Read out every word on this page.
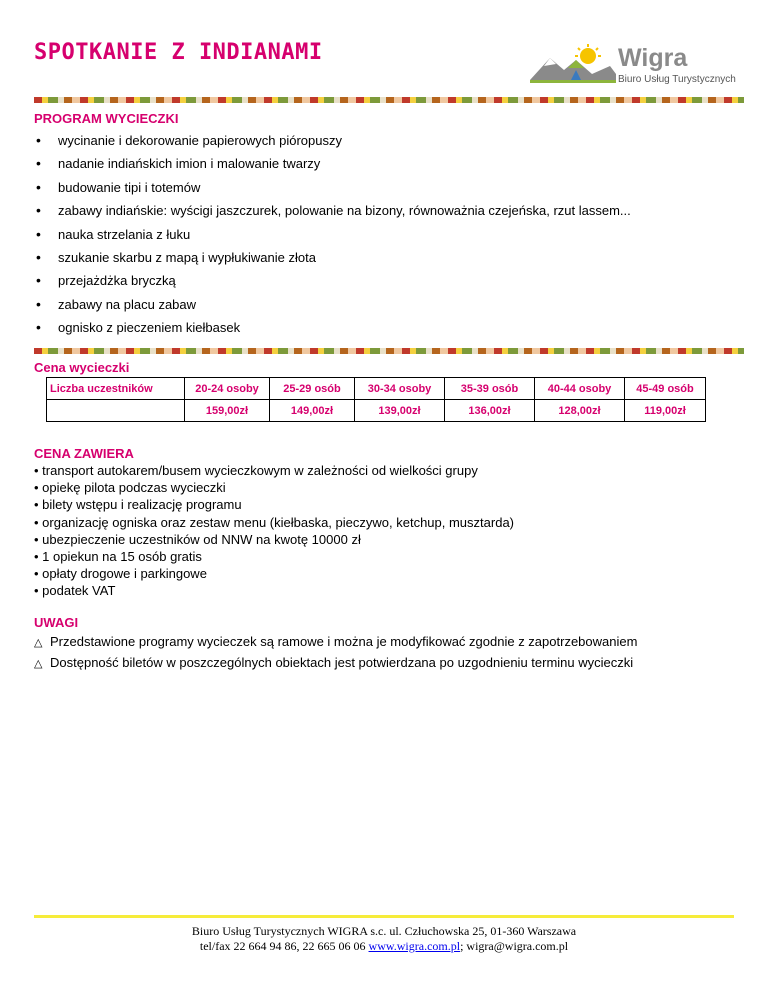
SPOTKANIE Z INDIANAMI	Wigra
Biuro Usług Turystycznych
PROGRAM WYCIECZKI
• wycinanie i dekorowanie papierowych pióropuszy
• nadanie indiańskich imion i malowanie twarzy
• budowanie tipi i totemów
• zabawy indiańskie: wyścigi jaszczurek, polowanie na bizony, równoważnia czejeńska, rzut lassem...
• nauka strzelania z łuku
• szukanie skarbu z mapą i wypłukiwanie złota
• przejażdżka bryczką
• zabawy na placu zabaw
• ognisko z pieczeniem kiełbasek
Cena wycieczki
Liczba uczestników	20-24 osoby	25-29 osób	30-34 osoby	35-39 osób	40-44 osoby	45-49 osób
	159,00zł	149,00zł	139,00zł	136,00zł	128,00zł	119,00zł
CENA ZAWIERA
• transport autokarem/busem wycieczkowym w zależności od wielkości grupy
• opiekę pilota podczas wycieczki
• bilety wstępu i realizację programu
• organizację ogniska oraz zestaw menu (kiełbaska, pieczywo, ketchup, musztarda)
• ubezpieczenie uczestników od NNW na kwotę 10000 zł
• 1 opiekun na 15 osób gratis
• opłaty drogowe i parkingowe
• podatek VAT
UWAGI
△ Przedstawione programy wycieczek są ramowe i można je modyfikować zgodnie z zapotrzebowaniem
△ Dostępność biletów w poszczególnych obiektach jest potwierdzana po uzgodnieniu terminu wycieczki
Biuro Usług Turystycznych WIGRA s.c. ul. Człuchowska 25, 01-360 Warszawa
tel/fax 22 664 94 86, 22 665 06 06 www.wigra.com.pl; wigra@wigra.com.pl
